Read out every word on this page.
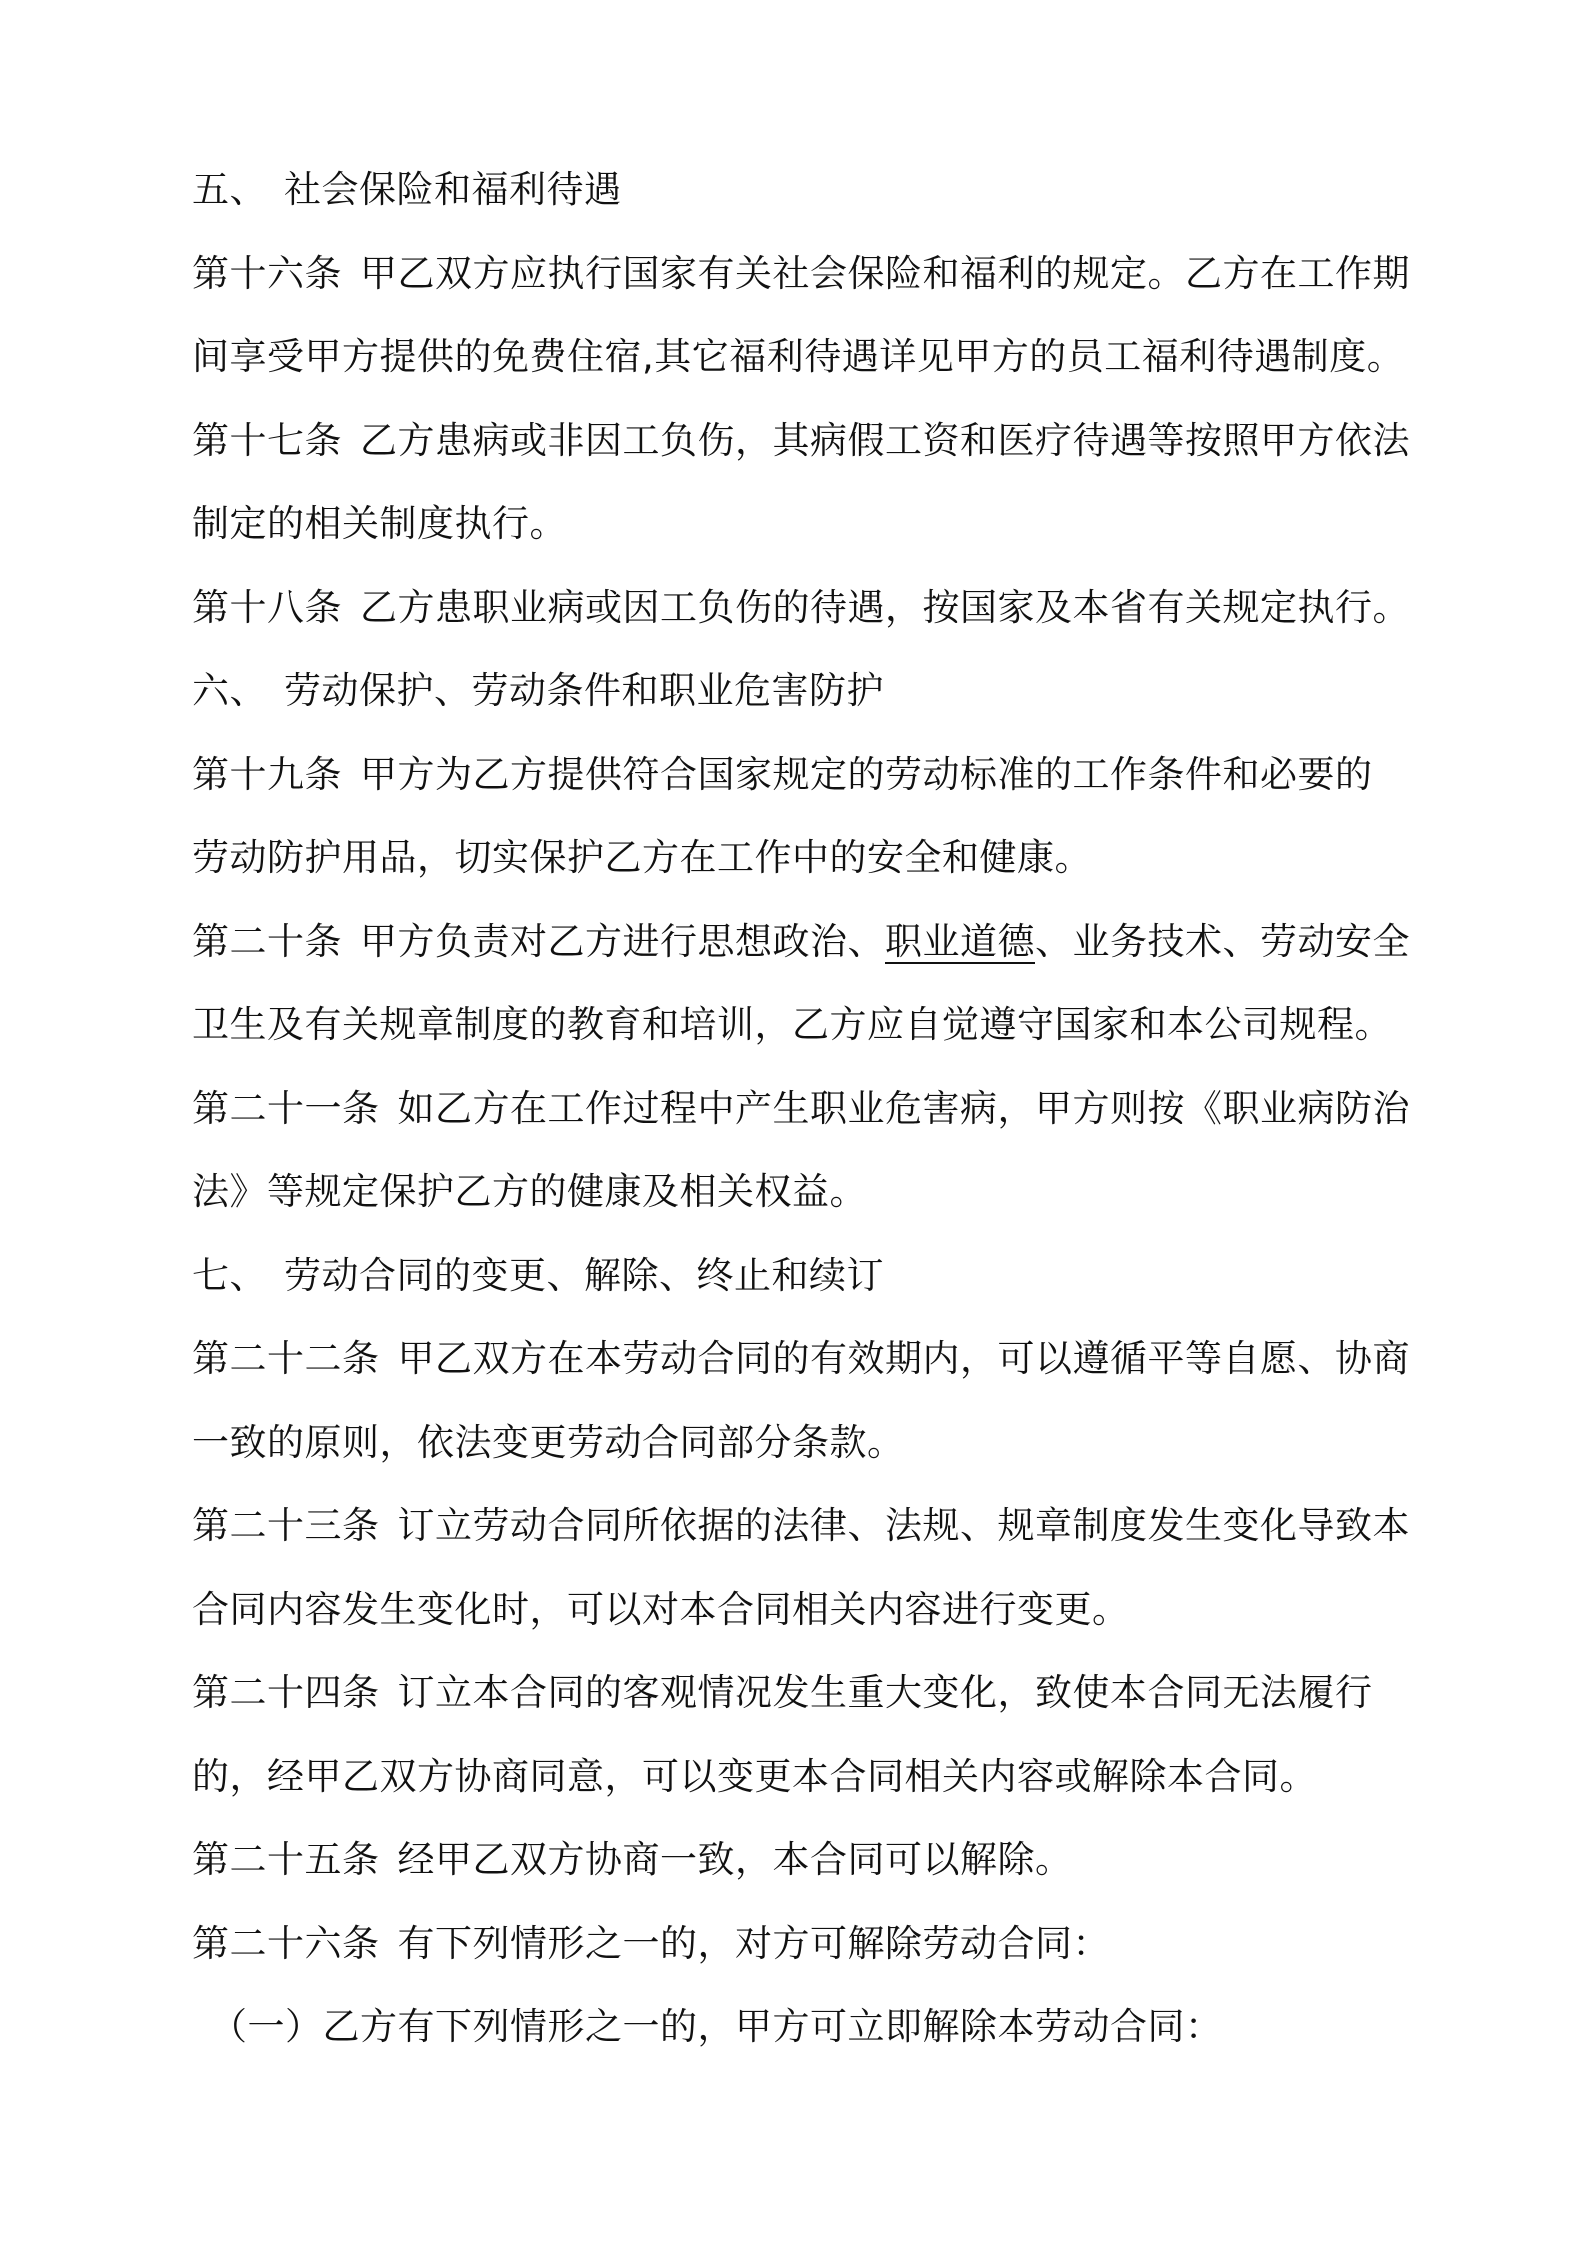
五、 社会保险和福利待遇
第十六条 甲乙双方应执行国家有关社会保险和福利的规定。乙方在工作期
间享受甲方提供的免费住宿,其它福利待遇详见甲方的员工福利待遇制度。
第十七条 乙方患病或非因工负伤，其病假工资和医疗待遇等按照甲方依法
制定的相关制度执行。
第十八条 乙方患职业病或因工负伤的待遇，按国家及本省有关规定执行。
六、 劳动保护、劳动条件和职业危害防护
第十九条 甲方为乙方提供符合国家规定的劳动标准的工作条件和必要的
劳动防护用品，切实保护乙方在工作中的安全和健康。
第二十条 甲方负责对乙方进行思想政治、职业道德、业务技术、劳动安全
卫生及有关规章制度的教育和培训，乙方应自觉遵守国家和本公司规程。
第二十一条 如乙方在工作过程中产生职业危害病，甲方则按《职业病防治
法》等规定保护乙方的健康及相关权益。
七、 劳动合同的变更、解除、终止和续订
第二十二条 甲乙双方在本劳动合同的有效期内，可以遵循平等自愿、协商
一致的原则，依法变更劳动合同部分条款。
第二十三条 订立劳动合同所依据的法律、法规、规章制度发生变化导致本
合同内容发生变化时，可以对本合同相关内容进行变更。
第二十四条 订立本合同的客观情况发生重大变化，致使本合同无法履行
的，经甲乙双方协商同意，可以变更本合同相关内容或解除本合同。
第二十五条 经甲乙双方协商一致，本合同可以解除。
第二十六条 有下列情形之一的，对方可解除劳动合同：
（一）乙方有下列情形之一的，甲方可立即解除本劳动合同：
